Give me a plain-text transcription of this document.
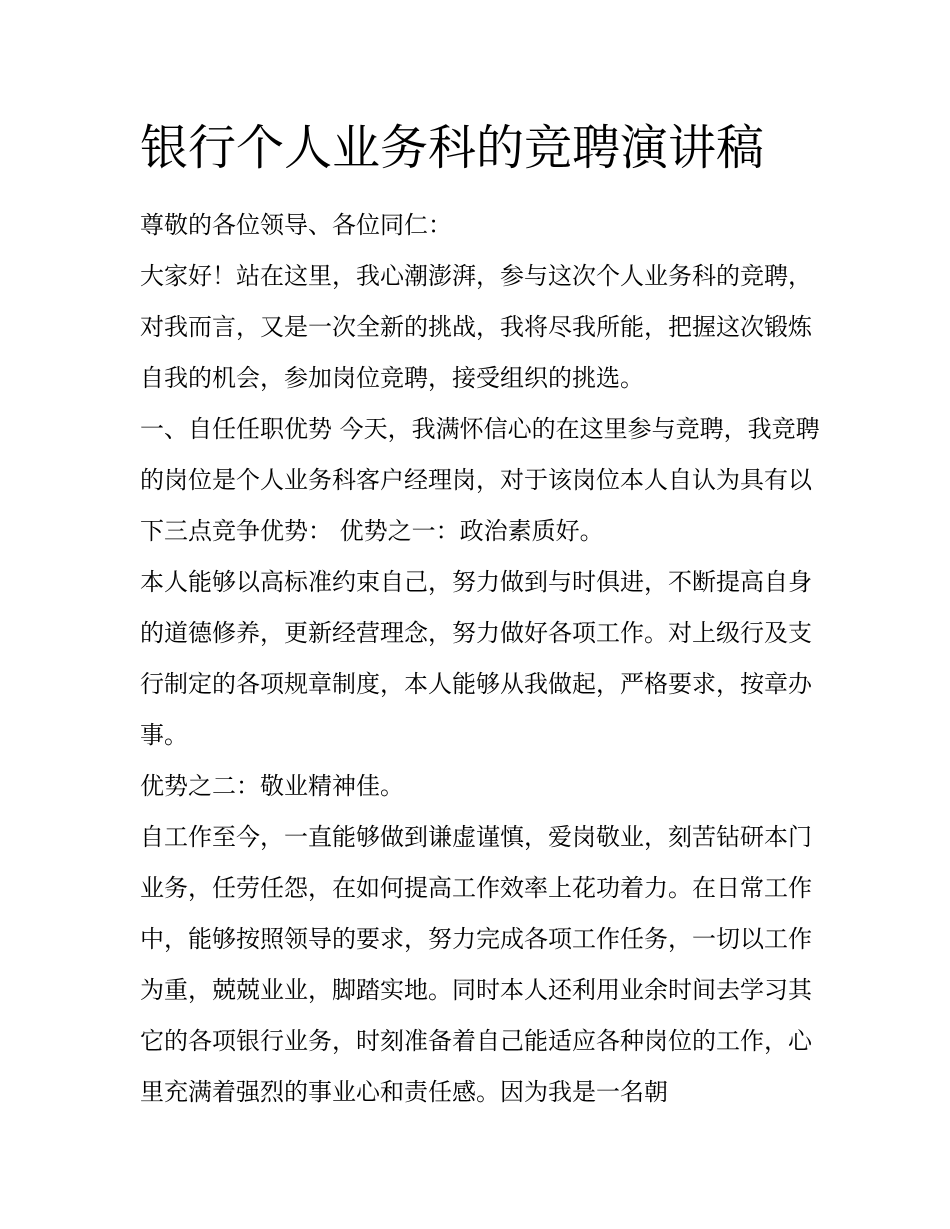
银行个人业务科的竞聘演讲稿

尊敬的各位领导、各位同仁：

大家好！站在这里，我心潮澎湃，参与这次个人业务科的竞聘，对我而言，又是一次全新的挑战，我将尽我所能，把握这次锻炼自我的机会，参加岗位竞聘，接受组织的挑选。

一、自任任职优势 今天，我满怀信心的在这里参与竞聘，我竞聘的岗位是个人业务科客户经理岗，对于该岗位本人自认为具有以下三点竞争优势： 优势之一：政治素质好。

本人能够以高标准约束自己，努力做到与时俱进，不断提高自身的道德修养，更新经营理念，努力做好各项工作。对上级行及支行制定的各项规章制度，本人能够从我做起，严格要求，按章办事。

优势之二：敬业精神佳。

自工作至今，一直能够做到谦虚谨慎，爱岗敬业，刻苦钻研本门业务，任劳任怨，在如何提高工作效率上花功着力。在日常工作中，能够按照领导的要求，努力完成各项工作任务，一切以工作为重，兢兢业业，脚踏实地。同时本人还利用业余时间去学习其它的各项银行业务，时刻准备着自己能适应各种岗位的工作，心里充满着强烈的事业心和责任感。因为我是一名朝
